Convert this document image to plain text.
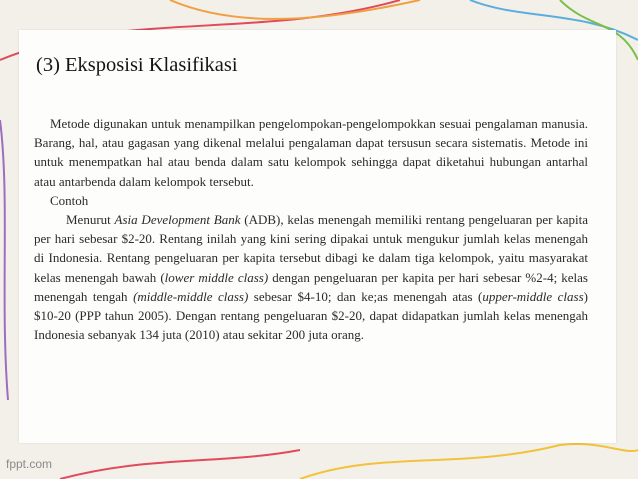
(3) Eksposisi Klasifikasi

Metode digunakan untuk menampilkan pengelompokan-pengelompokkan sesuai pengalaman manusia. Barang, hal, atau gagasan yang dikenal melalui pengalaman dapat tersusun secara sistematis. Metode ini untuk menempatkan hal atau benda dalam satu kelompok sehingga dapat diketahui hubungan antarhal atau antarbenda dalam kelompok tersebut.

Contoh

Menurut Asia Development Bank (ADB), kelas menengah memiliki rentang pengeluaran per kapita per hari sebesar $2-20. Rentang inilah yang kini sering dipakai untuk mengukur jumlah kelas menengah di Indonesia. Rentang pengeluaran per kapita tersebut dibagi ke dalam tiga kelompok, yaitu masyarakat kelas menengah bawah (lower middle class) dengan pengeluaran per kapita per hari sebesar %2-4; kelas menengah tengah (middle-middle class) sebesar $4-10; dan ke;as menengah atas (upper-middle class) $10-20 (PPP tahun 2005). Dengan rentang pengeluaran $2-20, dapat didapatkan jumlah kelas menengah Indonesia sebanyak 134 juta (2010) atau sekitar 200 juta orang.

fppt.com
